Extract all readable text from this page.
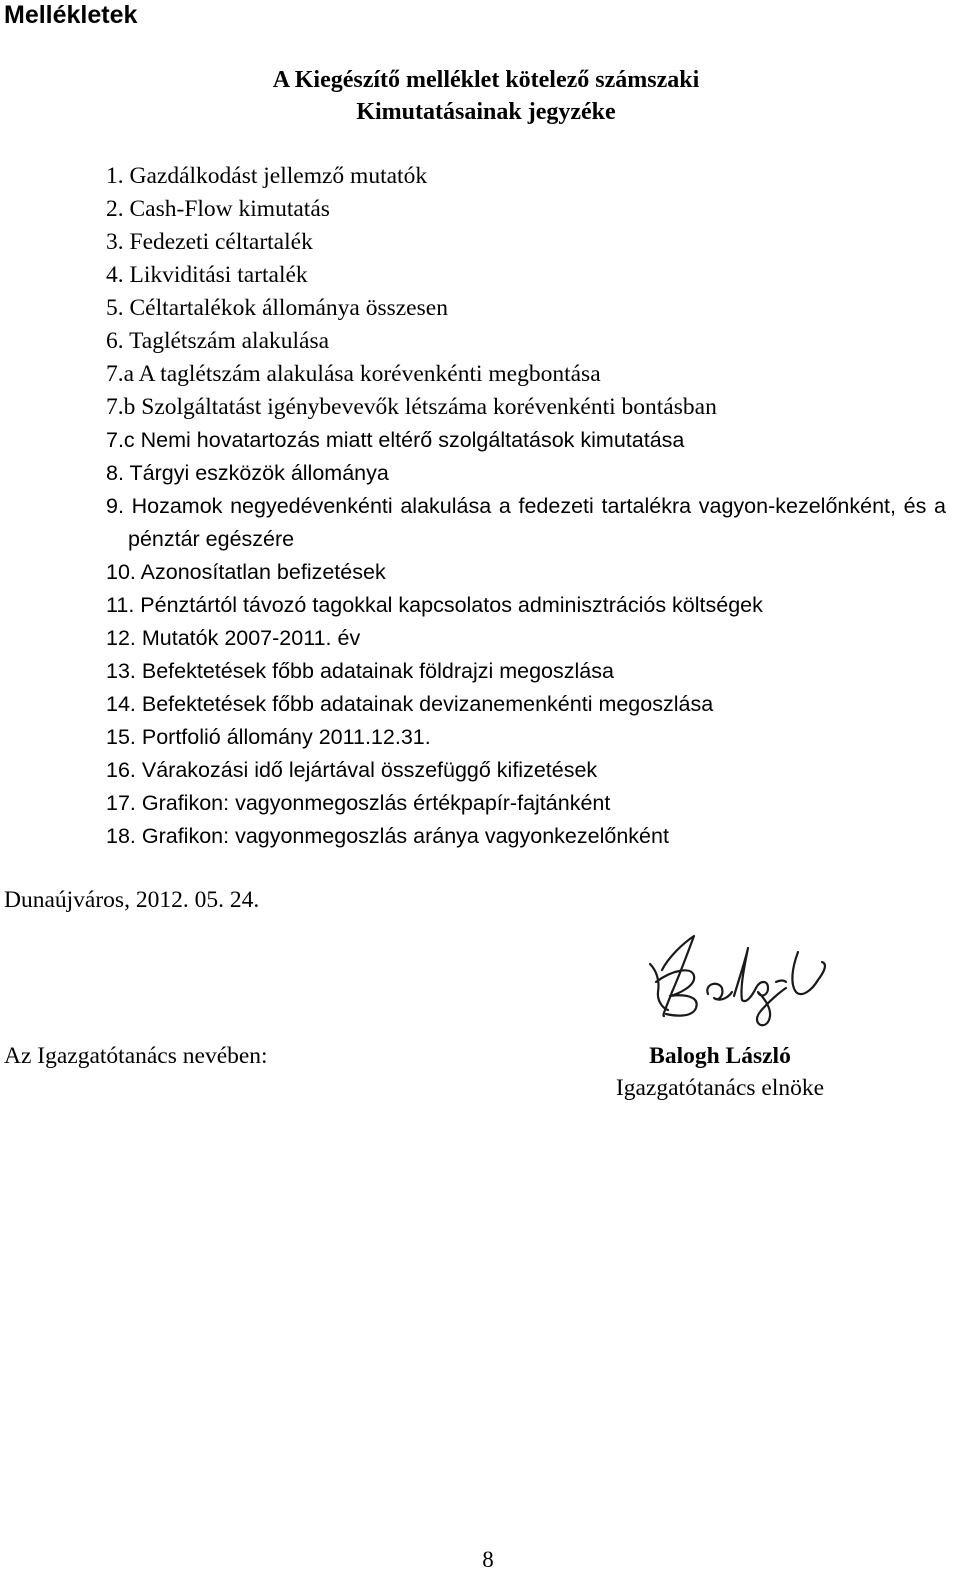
Mellékletek
A Kiegészítő melléklet kötelező számszaki
Kimutatásainak jegyzéke
1. Gazdálkodást jellemző mutatók
2. Cash-Flow kimutatás
3. Fedezeti céltartalék
4. Likviditási tartalék
5. Céltartalékok állománya összesen
6. Taglétszám alakulása
7.a A taglétszám alakulása korévenkénti megbontása
7.b Szolgáltatást igénybevevők létszáma korévenkénti bontásban
7.c Nemi hovatartozás miatt eltérő szolgáltatások kimutatása
8. Tárgyi eszközök állománya
9. Hozamok negyedévenkénti alakulása a fedezeti tartalékra vagyon-kezelőnként, és a pénztár egészére
10. Azonosítatlan befizetések
11. Pénztártól távozó tagokkal kapcsolatos adminisztrációs költségek
12. Mutatók 2007-2011. év
13. Befektetések főbb adatainak földrajzi megoszlása
14. Befektetések főbb adatainak devizanemenkénti megoszlása
15. Portfolió állomány 2011.12.31.
16. Várakozási idő lejártával összefüggő kifizetések
17. Grafikon: vagyonmegoszlás értékpapír-fajtánként
18. Grafikon: vagyonmegoszlás aránya vagyonkezelőnként
Dunaújváros, 2012. 05. 24.
Az Igazgatótanács nevében:	Balogh László
Igazgatótanács elnöke
8
